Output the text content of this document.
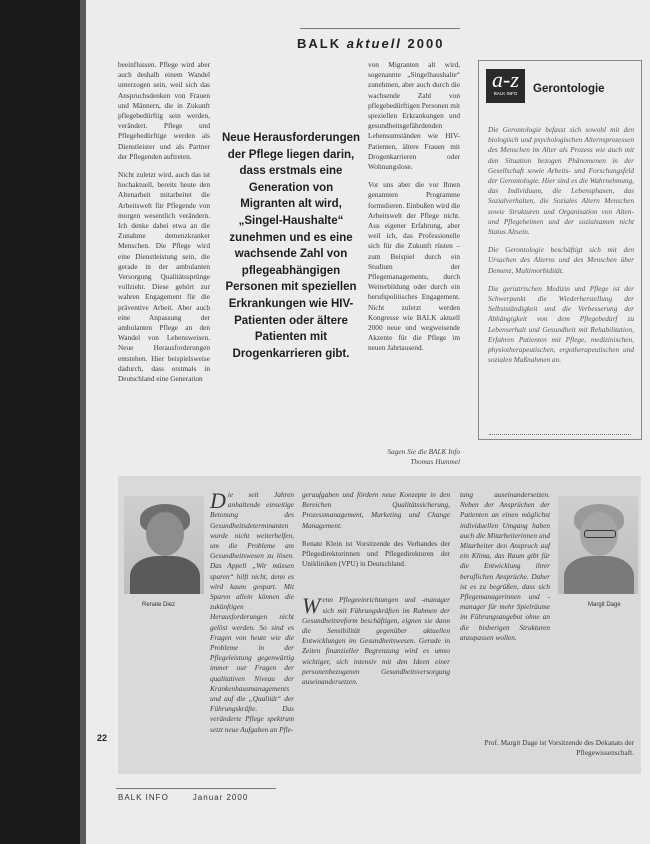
BALK aktuell 2000

beeinflussen. Pflege wird aber auch deshalb einem Wandel unterzogen sein, weil sich das Anspruchsdenken von Frauen und Männern, die in Zukunft pflegebedürftig sein werden, verändert. Pflege und Pflegebedürftige werden als Dienstleister und als Partner der Pflegenden auftreten.

Nicht zuletzt wird, auch das ist hochaktuell, bereits heute den Altenarbeit mitarbeitet die Arbeitswelt für Pflegende von morgen wesentlich verändern. Ich denke dabei etwa an die Zunahme demenzkranker Menschen. Die Pflege wird eine Dienstleistung sein, die gerade in der ambulanten Versorgung Qualitätssprünge vollzieht. Diese gehört zur wahren Engagement für die präventive Arbeit. Aber auch eine Anpassung der ambulanten Pflege an den Wandel von Lebensweisen. Neue Herausforderungen entstehen. Hier beispielsweise dadurch, dass erstmals in Deutschland eine Generation

von Migranten alt wird, sogenannte „Singelhaushalte“ zunehmen, aber auch durch die wachsende Zahl von pflegebedürftigen Personen mit speziellen Erkrankungen und gesundheitsgefährdenden Lebensumständen wie HIV-Patienten, ältere Frauen mit Drogenkarrieren oder Wohnungslose.

Vor uns aber die vor Ihnen genannten Programme formulieren. Einbußen wird die Arbeitswelt der Pflege nicht. Aus eigener Erfahrung, aber weil ich, das Professionelle sich für die Zukunft rüsten – zum Beispiel durch ein Studium der Pflegemanagements, durch Weiterbildung oder durch ein berufspolitisches Engagement. Nicht zuletzt werden Kongresse wie BALK aktuell 2000 neue und wegweisende Akzente für die Pflege im neuen Jahrtausend.

Neue Herausforderungen der Pflege liegen darin, dass erstmals eine Generation von Migranten alt wird, „Singel-Haushalte“ zunehmen und es eine wachsende Zahl von pflegeabhängigen Personen mit speziellen Erkrankungen wie HIV-Patienten oder ältere Patienten mit Drogenkarrieren gibt.
Sagen Sie die BALK Info
Thomas Hummel
a-z
BALK INFO	Gerontologie

Die Gerontologie befasst sich sowohl mit den biologisch und psychologischen Alternsprozessen des Menschen im Alter als Prozess wie auch mit den Situation bezogen Phänomenen in der Gesellschaft sowie Arbeits- und Forschungsfeld der Gerontologie. Hier sind es die Wahrnehmung, das Individuum, die Lebensphasen, das Sozialverhalten, die Soziales Altern Menschen sowie Strukturen und Organisation von Alten- und Pflegeheimen und der sozialsamen nicht Status Altsein.

Die Gerontologie beschäftigt sich mit den Ursachen des Alterns und des Menschen über Demenz, Multimorbidität.

Die geriatrischen Medizin und Pflege ist der Schwerpunkt die Wiederherstellung der Selbstständigkeit und die Verbesserung der Abhängigkeit von dem Pflegebedarf zu Lebenserhalt und Gesundheit mit Rehabilitation, Erfahren Patienten mit Pflege, medizinischen, physiotherapeutischen, ergotherapeutischen und sozialen Maßnahmen an.

Renate Diez
D ie seit Jahren anhaltende einseitige Betonung des Gesundheitsdeterminanten wurde nicht weiterhelfen, um die Probleme am Gesundheitswesen zu lösen. Das Appell „Wir müssen sparen“ hilft nicht, denn es wird kaum gespart. Mit Sparen allein können die zukünftigen Herausforderungen nicht gelöst werden. So sind es Fragen von heute wie die Probleme in der Pflegeleistung gegenwärtig immer nur Fragen der qualitativen Niveau der Krankenhausmanagements und auf die „Qualität“ der Führungskräfte. Das veränderte Pflege spektrum setzt neue Aufgaben an Pfle-

geraufgaben und fördern neue Konzepte in den Bereichen Qualitätssicherung, Prozessmanagement, Marketing und Change Management.

Renate Klein ist Vorsitzende des Verbandes der Pflegedirektorinnen und Pflegedirektoren der Unikliniken (VPU) in Deutschland.

W enn Pflegeeinrichtungen und -manager sich mit Führungskräften im Rahmen der Gesundheitsreform beschäftigen, eignen sie dann die Sensibilität gegenüber aktuellen Entwicklungen im Gesundheitswesen. Gerade in Zeiten finanzieller Begrenzung wird es umso wichtiger, sich intensiv mit den Ideen einer personenbezogenen Gesundheitsversorgung auseinandersetzen.

Margit Dage

tung auseinandersetzen. Neben der Ansprüchen der Patienten an einen möglichst individuellen Umgang haben auch die Mitarbeiterinnen und Mitarbeiter den Anspruch auf ein Klima, das Raum gibt für die Entwicklung ihrer beruflichen Ansprüche. Daher ist es zu begrüßen, dass sich Pflegemanagerinnen und -manager für mehr Spielräume im Führungsangebot ohne an die bisherigen Strukturen anzupassen wollen.

Prof. Margit Dage ist Vorsitzende des Dekanats der Pflegewissenschaft.
22
BALK INFO	Januar 2000
